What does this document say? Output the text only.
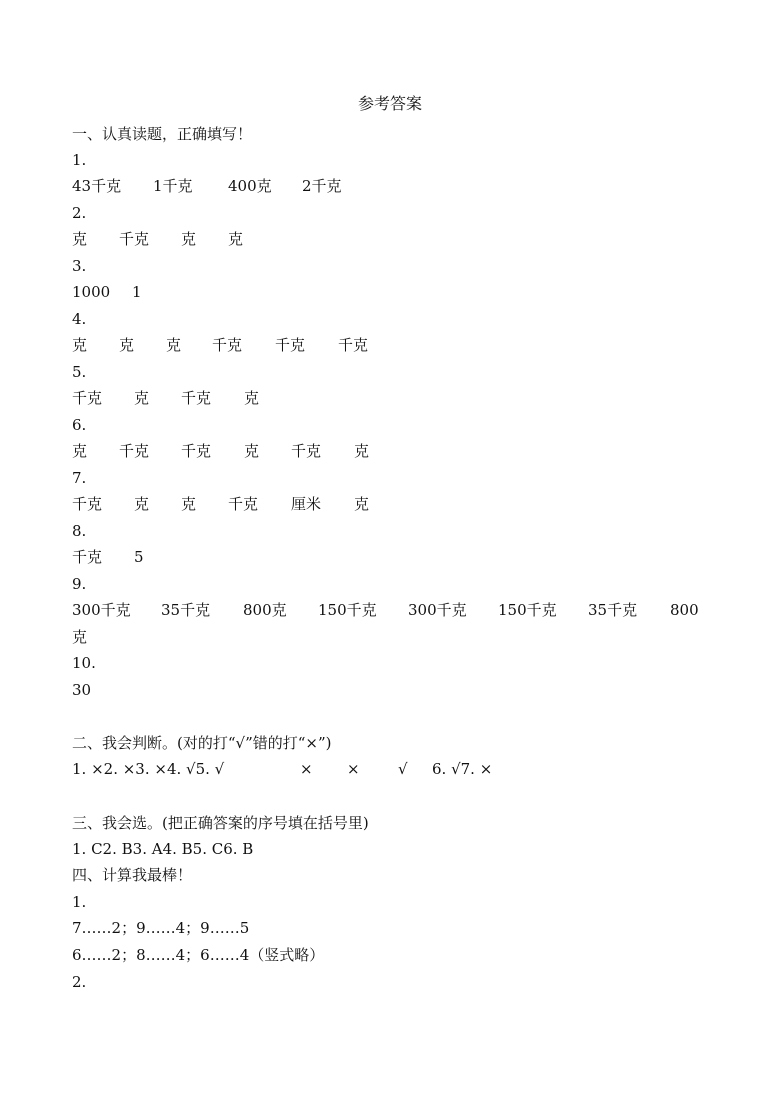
参考答案
一、认真读题，正确填写！
1.
43千克 1千克 400克 2千克
2.
克 千克 克 克
3.
1000 1
4.
克 克 克 千克 千克 千克
5.
千克 克 千克 克
6.
克 千克 千克 克 千克 克
7.
千克 克 克 千克 厘米 克
8.
千克 5
9.
300千克 35千克 800克 150千克 300千克 150千克 35千克 800
克
10.
30
二、我会判断。(对的打“√”错的打“×”)
1. ×2. ×3. ×4. √5. √	× ×	√ 6. √7. ×
三、我会选。(把正确答案的序号填在括号里)
1. C2. B3. A4. B5. C6. B
四、计算我最棒！
1.
7……2；9……4；9……5
6……2；8……4；6……4（竖式略）
2.
